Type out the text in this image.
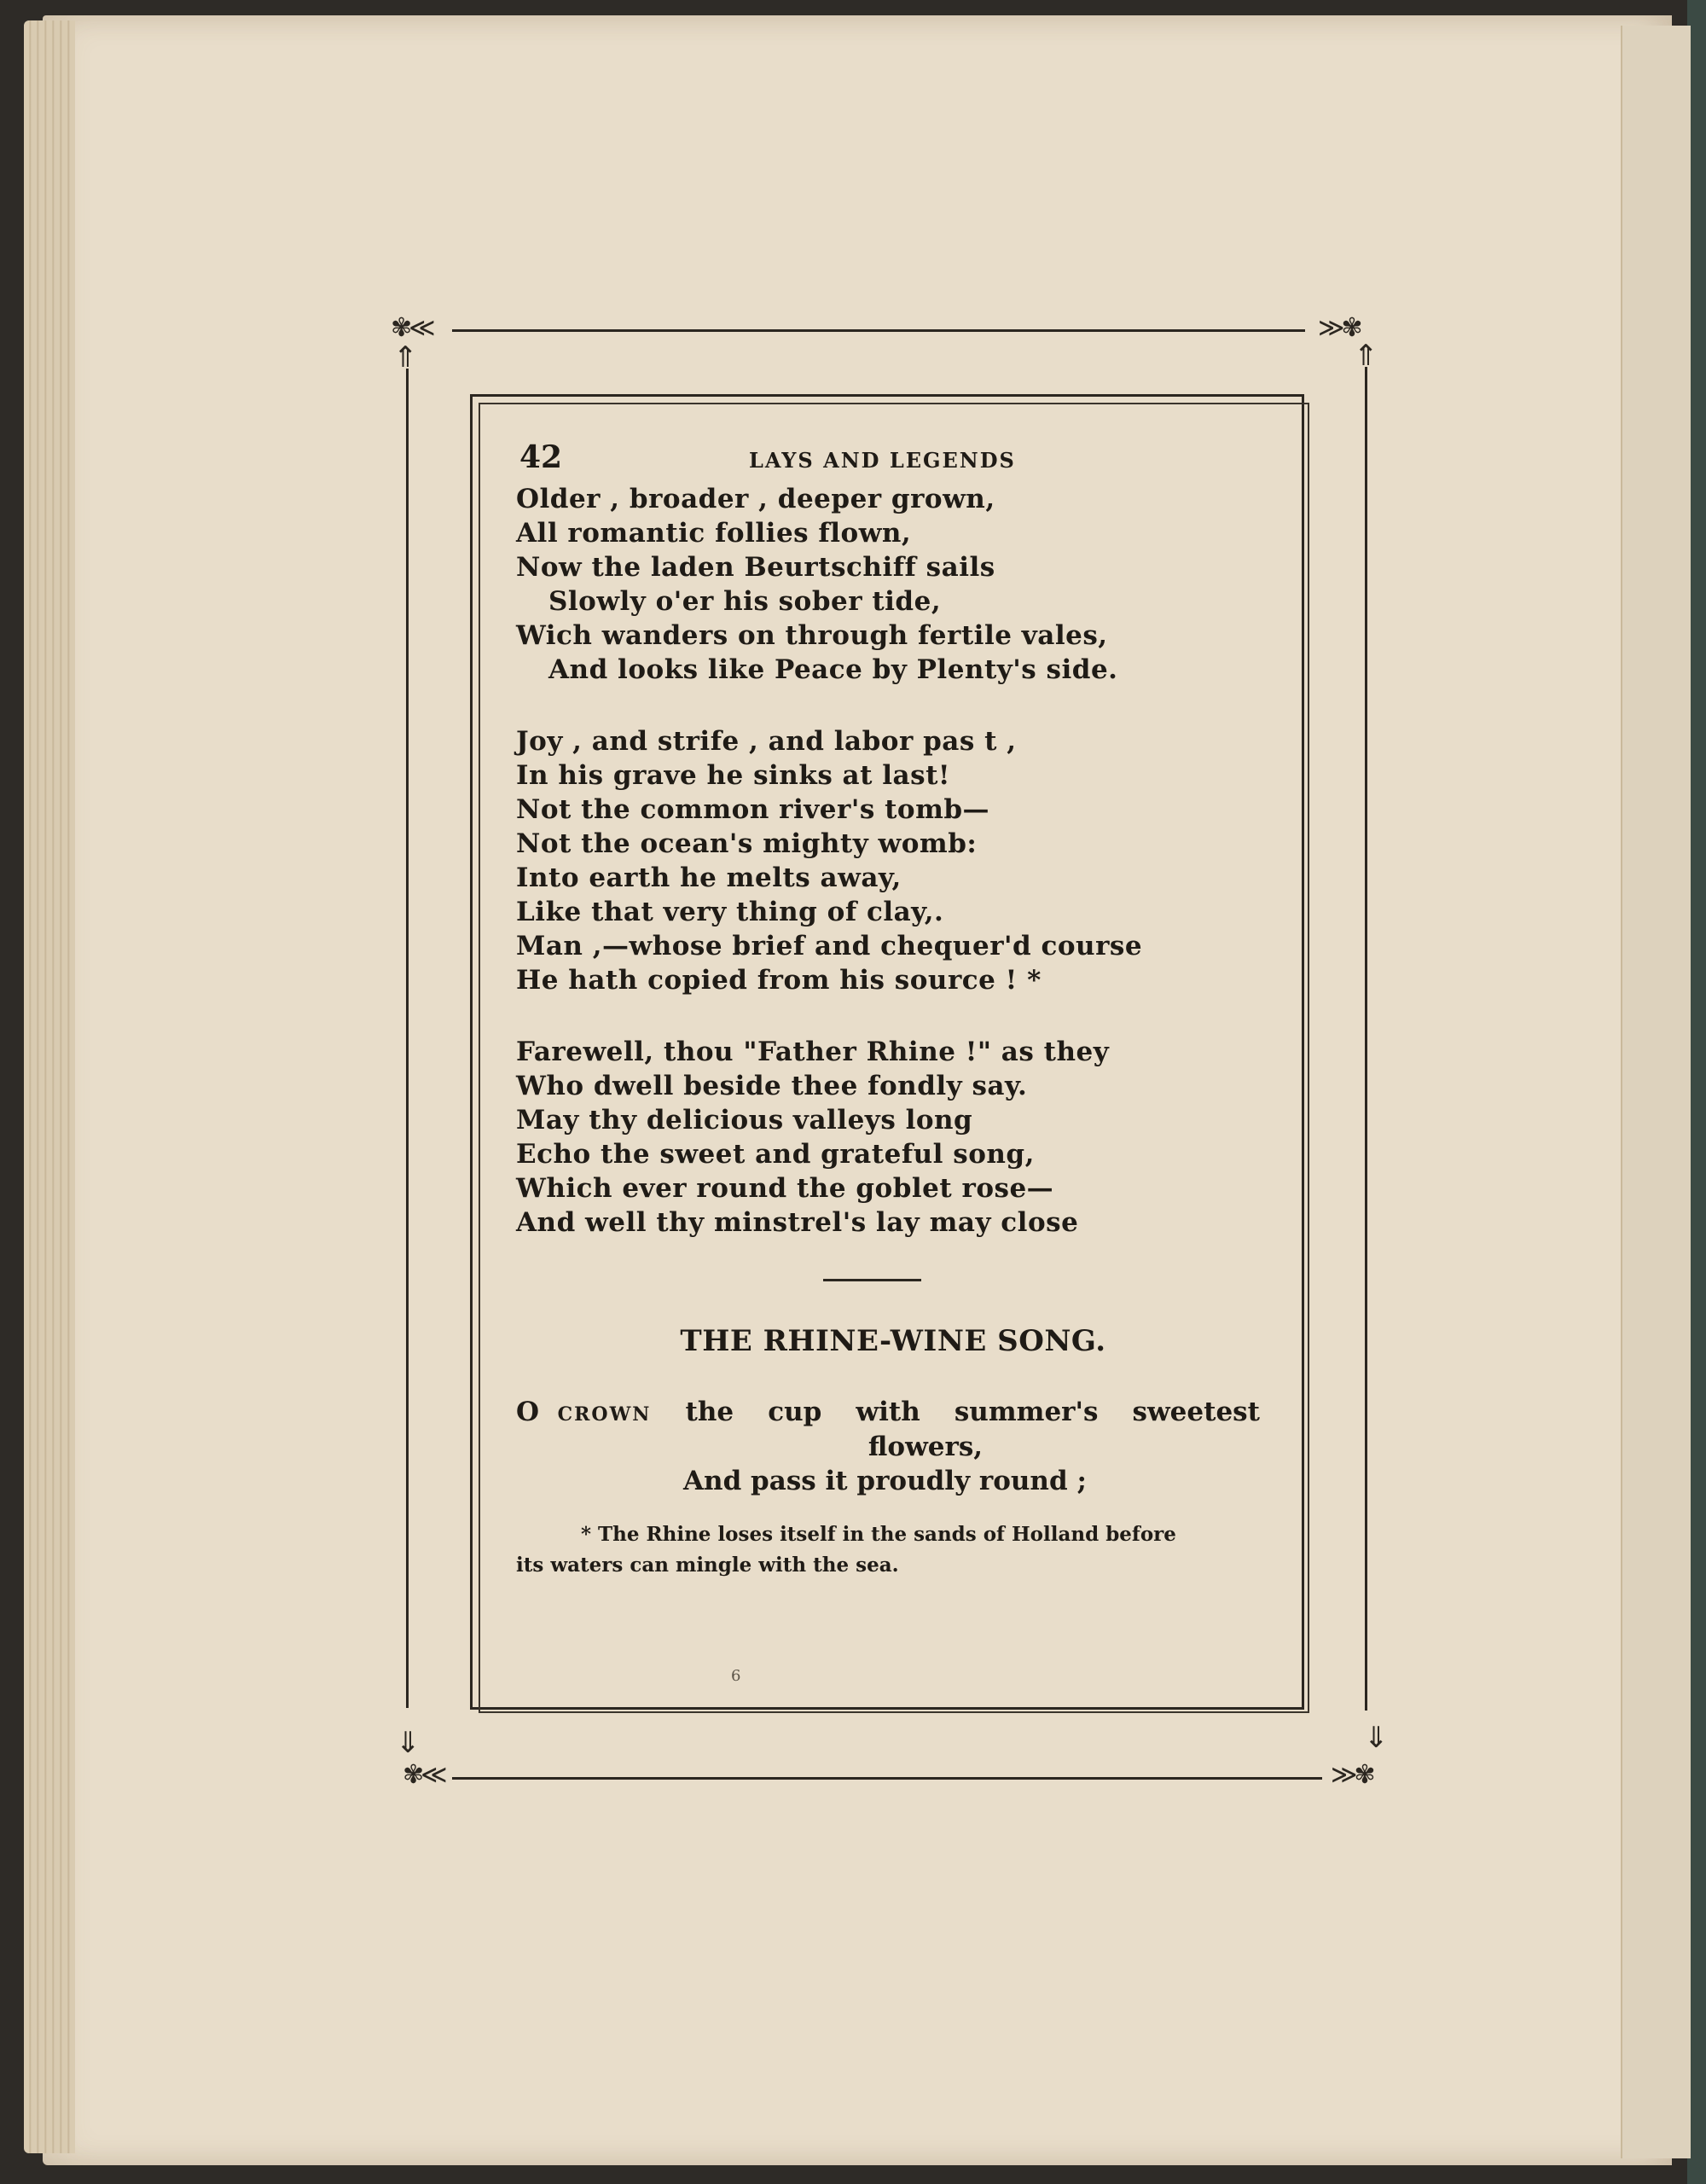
✾≪	≫✾
✾≪	≫✾
⇑	⇑
⇓	⇓
42	LAYS AND LEGENDS
Older , broader , deeper grown,
All romantic follies flown,
Now the laden Beurtschiff sails
Slowly o'er his sober tide,
Wich wanders on through fertile vales,
And looks like Peace by Plenty's side.
Joy , and strife , and labor pas t ,
In his grave he sinks at last!
Not the common river's tomb—
Not the ocean's mighty womb:
Into earth he melts away,
Like that very thing of clay,.
Man ,—whose brief and chequer'd course
He hath copied from his source ! *
Farewell, thou "Father Rhine !" as they
Who dwell beside thee fondly say.
May thy delicious valleys long
Echo the sweet and grateful song,
Which ever round the goblet rose—
And well thy minstrel's lay may close
THE RHINE-WINE SONG.
O CROWN the cup with summer's sweetest
flowers,
And pass it proudly round ;
* The Rhine loses itself in the sands of Holland before
its waters can mingle with the sea.
6
